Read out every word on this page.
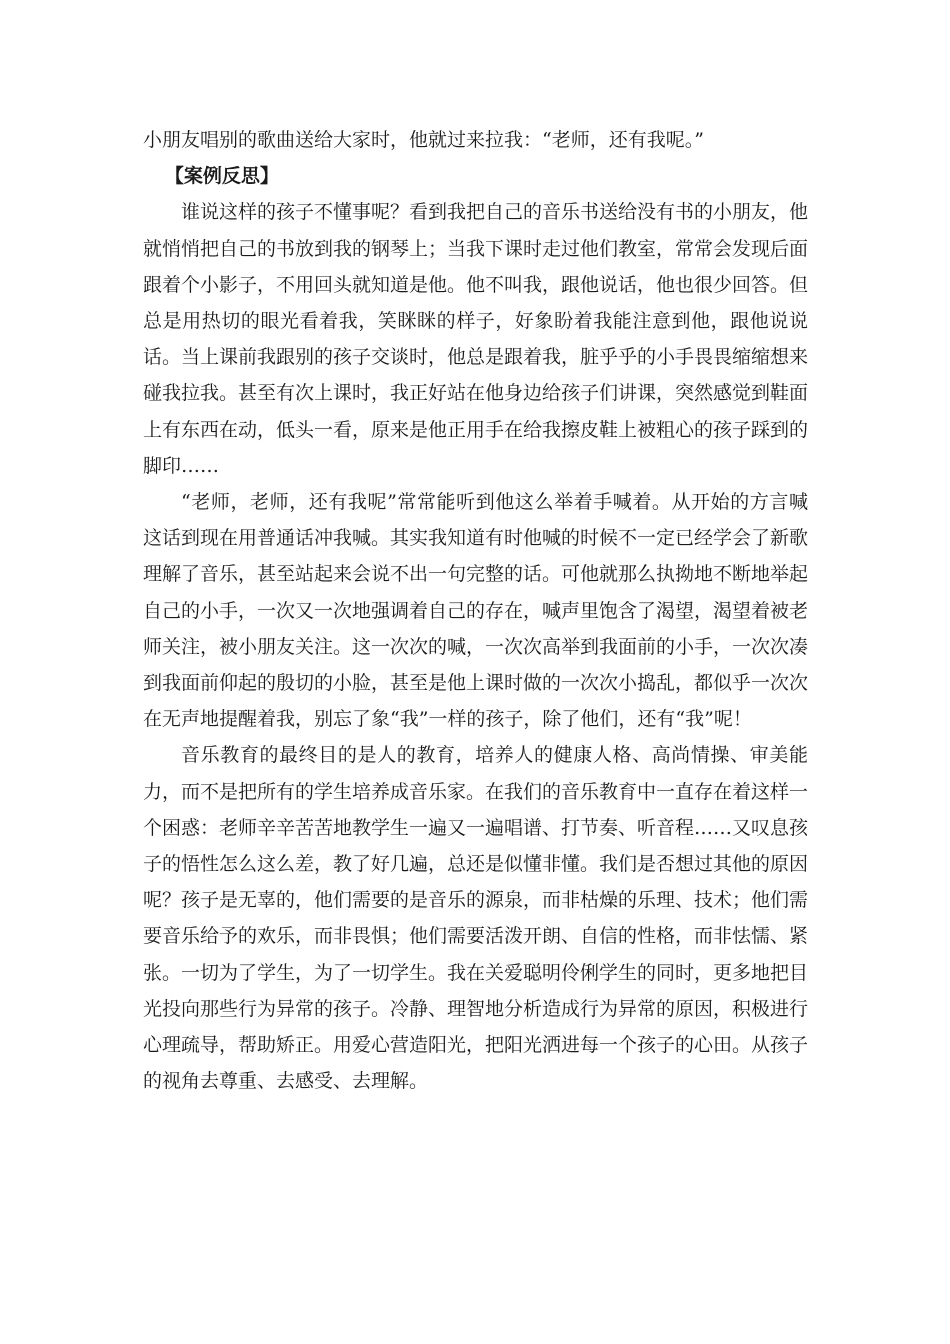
小朋友唱别的歌曲送给大家时，他就过来拉我：“老师，还有我呢。”

【案例反思】

谁说这样的孩子不懂事呢？看到我把自己的音乐书送给没有书的小朋友，他就悄悄把自己的书放到我的钢琴上；当我下课时走过他们教室，常常会发现后面跟着个小影子，不用回头就知道是他。他不叫我，跟他说话，他也很少回答。但总是用热切的眼光看着我，笑眯眯的样子，好象盼着我能注意到他，跟他说说话。当上课前我跟别的孩子交谈时，他总是跟着我，脏乎乎的小手畏畏缩缩想来碰我拉我。甚至有次上课时，我正好站在他身边给孩子们讲课，突然感觉到鞋面上有东西在动，低头一看，原来是他正用手在给我擦皮鞋上被粗心的孩子踩到的脚印……

“老师，老师，还有我呢”常常能听到他这么举着手喊着。从开始的方言喊这话到现在用普通话冲我喊。其实我知道有时他喊的时候不一定已经学会了新歌理解了音乐，甚至站起来会说不出一句完整的话。可他就那么执拗地不断地举起自己的小手，一次又一次地强调着自己的存在，喊声里饱含了渴望，渴望着被老师关注，被小朋友关注。这一次次的喊，一次次高举到我面前的小手，一次次凑到我面前仰起的殷切的小脸，甚至是他上课时做的一次次小捣乱，都似乎一次次在无声地提醒着我，别忘了象“我”一样的孩子，除了他们，还有“我”呢！

音乐教育的最终目的是人的教育，培养人的健康人格、高尚情操、审美能力，而不是把所有的学生培养成音乐家。在我们的音乐教育中一直存在着这样一个困惑：老师辛辛苦苦地教学生一遍又一遍唱谱、打节奏、听音程……又叹息孩子的悟性怎么这么差，教了好几遍，总还是似懂非懂。我们是否想过其他的原因呢？孩子是无辜的，他们需要的是音乐的源泉，而非枯燥的乐理、技术；他们需要音乐给予的欢乐，而非畏惧；他们需要活泼开朗、自信的性格，而非怯懦、紧张。一切为了学生，为了一切学生。我在关爱聪明伶俐学生的同时，更多地把目光投向那些行为异常的孩子。冷静、理智地分析造成行为异常的原因，积极进行心理疏导，帮助矫正。用爱心营造阳光，把阳光洒进每一个孩子的心田。从孩子的视角去尊重、去感受、去理解。
